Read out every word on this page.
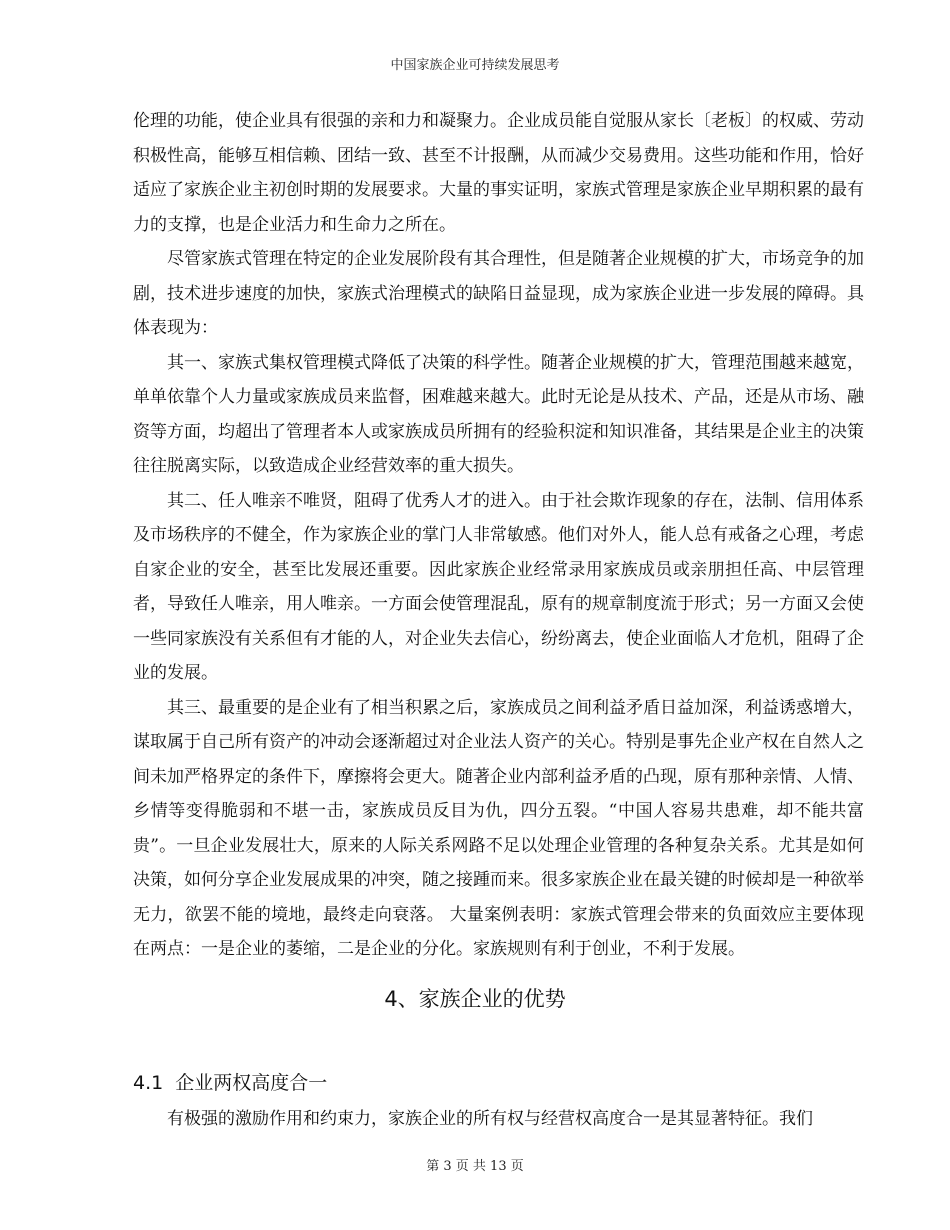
中国家族企业可持续发展思考

伦理的功能，使企业具有很强的亲和力和凝聚力。企业成员能自觉服从家长〔老板〕的权威、劳动积极性高，能够互相信赖、团结一致、甚至不计报酬，从而减少交易费用。这些功能和作用，恰好适应了家族企业主初创时期的发展要求。大量的事实证明，家族式管理是家族企业早期积累的最有力的支撑，也是企业活力和生命力之所在。

尽管家族式管理在特定的企业发展阶段有其合理性，但是随著企业规模的扩大，市场竞争的加剧，技术进步速度的加快，家族式治理模式的缺陷日益显现，成为家族企业进一步发展的障碍。具体表现为：

其一、家族式集权管理模式降低了决策的科学性。随著企业规模的扩大，管理范围越来越宽，单单依靠个人力量或家族成员来监督，困难越来越大。此时无论是从技术、产品，还是从市场、融资等方面，均超出了管理者本人或家族成员所拥有的经验积淀和知识准备，其结果是企业主的决策往往脱离实际，以致造成企业经营效率的重大损失。

其二、任人唯亲不唯贤，阻碍了优秀人才的进入。由于社会欺诈现象的存在，法制、信用体系及市场秩序的不健全，作为家族企业的掌门人非常敏感。他们对外人，能人总有戒备之心理，考虑自家企业的安全，甚至比发展还重要。因此家族企业经常录用家族成员或亲朋担任高、中层管理者，导致任人唯亲，用人唯亲。一方面会使管理混乱，原有的规章制度流于形式；另一方面又会使一些同家族没有关系但有才能的人，对企业失去信心，纷纷离去，使企业面临人才危机，阻碍了企业的发展。

其三、最重要的是企业有了相当积累之后，家族成员之间利益矛盾日益加深，利益诱惑增大，谋取属于自己所有资产的冲动会逐渐超过对企业法人资产的关心。特别是事先企业产权在自然人之间未加严格界定的条件下，摩擦将会更大。随著企业内部利益矛盾的凸现，原有那种亲情、人情、乡情等变得脆弱和不堪一击，家族成员反目为仇，四分五裂。“中国人容易共患难，却不能共富贵”。一旦企业发展壮大，原来的人际关系网路不足以处理企业管理的各种复杂关系。尤其是如何决策，如何分享企业发展成果的冲突，随之接踵而来。很多家族企业在最关键的时候却是一种欲举无力，欲罢不能的境地，最终走向衰落。 大量案例表明：家族式管理会带来的负面效应主要体现在两点：一是企业的萎缩，二是企业的分化。家族规则有利于创业，不利于发展。

4、家族企业的优势
4.1 企业两权高度合一

有极强的激励作用和约束力，家族企业的所有权与经营权高度合一是其显著特征。我们

第 3 页 共 13 页
